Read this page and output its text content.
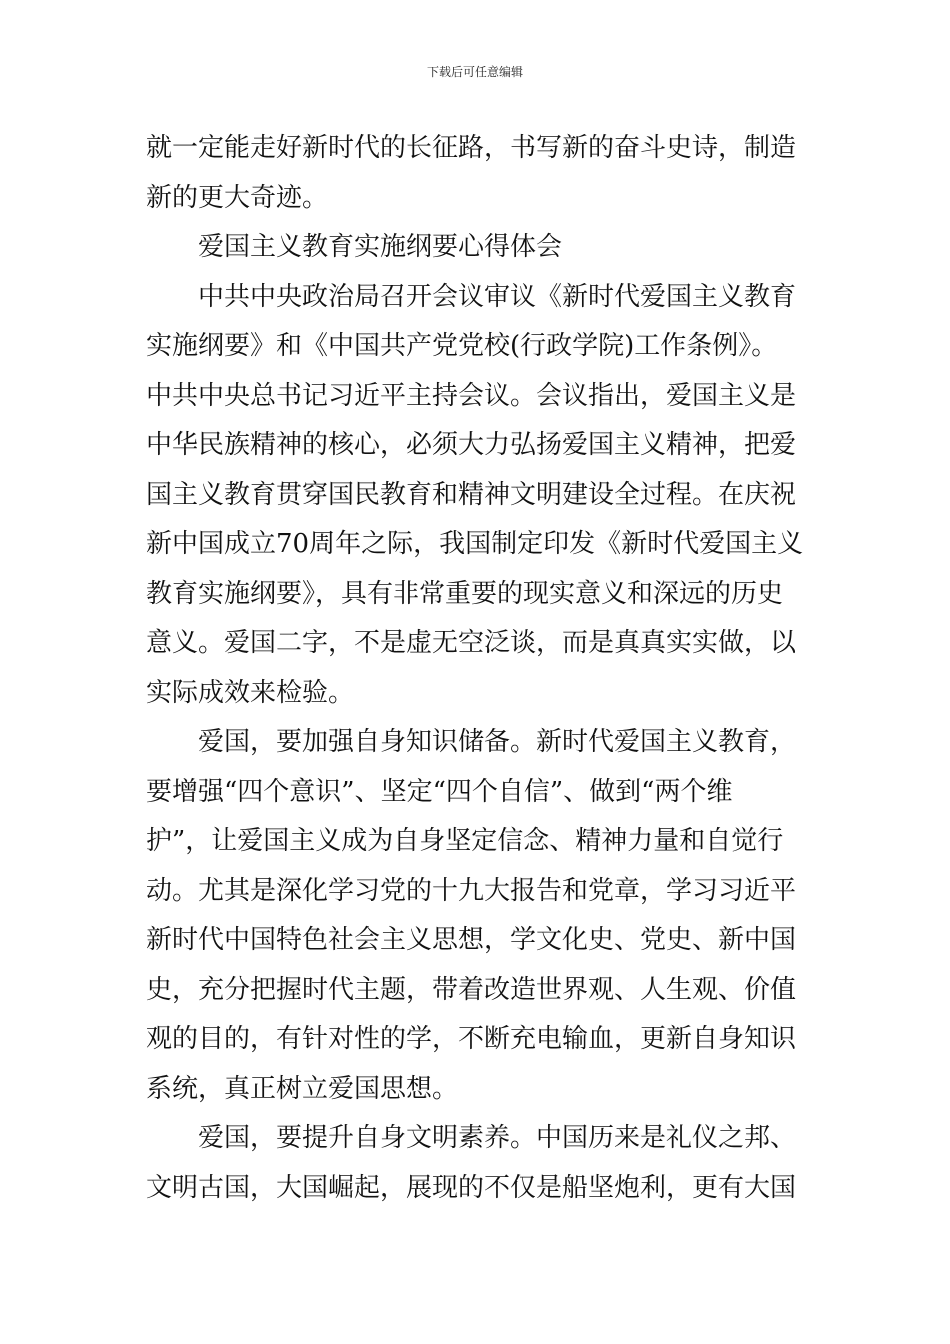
下载后可任意编辑
就一定能走好新时代的长征路，书写新的奋斗史诗，制造
新的更大奇迹。
爱国主义教育实施纲要心得体会
中共中央政治局召开会议审议《新时代爱国主义教育
实施纲要》和《中国共产党党校(行政学院)工作条例》。
中共中央总书记习近平主持会议。会议指出，爱国主义是
中华民族精神的核心，必须大力弘扬爱国主义精神，把爱
国主义教育贯穿国民教育和精神文明建设全过程。在庆祝
新中国成立70周年之际，我国制定印发《新时代爱国主义
教育实施纲要》，具有非常重要的现实意义和深远的历史
意义。爱国二字，不是虚无空泛谈，而是真真实实做，以
实际成效来检验。
爱国，要加强自身知识储备。新时代爱国主义教育，
要增强“四个意识”、坚定“四个自信”、做到“两个维
护”，让爱国主义成为自身坚定信念、精神力量和自觉行
动。尤其是深化学习党的十九大报告和党章，学习习近平
新时代中国特色社会主义思想，学文化史、党史、新中国
史，充分把握时代主题，带着改造世界观、人生观、价值
观的目的，有针对性的学，不断充电输血，更新自身知识
系统，真正树立爱国思想。
爱国，要提升自身文明素养。中国历来是礼仪之邦、
文明古国，大国崛起，展现的不仅是船坚炮利，更有大国
